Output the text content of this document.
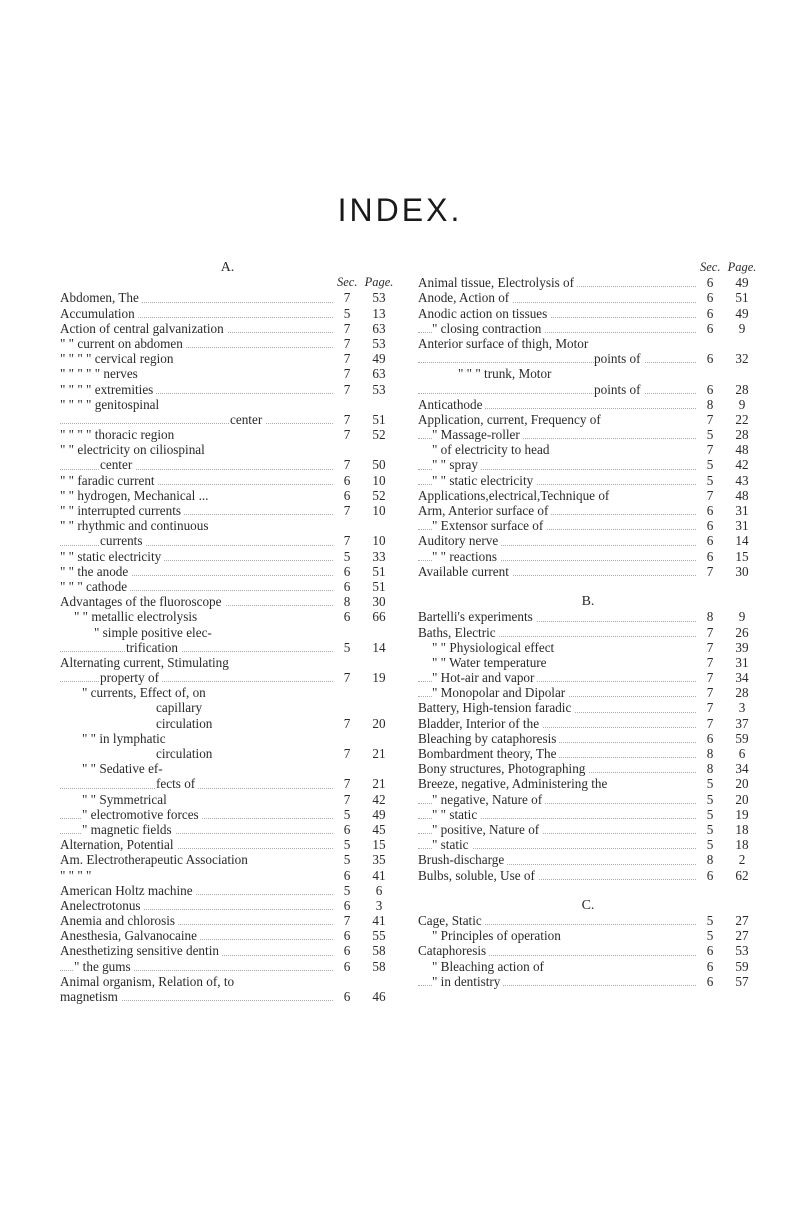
INDEX.
A.
Sec. Page.
Abdomen, The	7	53
Accumulation	5	13
Action of central galvanization	7	63
" " current on abdomen	7	53
" " " " cervical region	7	49
" " " " " nerves	7	63
" " " " extremities	7	53
" " " " genitospinal
center	7	51
" " " " thoracic region	7	52
" " electricity on ciliospinal
center	7	50
" " faradic current	6	10
" " hydrogen, Mechanical ...	6	52
" " interrupted currents	7	10
" " rhythmic and continuous
currents	7	10
" " static electricity	5	33
" " the anode	6	51
" " " cathode	6	51
Advantages of the fluoroscope	8	30
" " metallic electrolysis	6	66
" simple positive elec-
trification	5	14
Alternating current, Stimulating
property of	7	19
" currents, Effect of, on
capillary
circulation	7	20
" " in lymphatic
circulation	7	21
" " Sedative ef-
fects of	7	21
" " Symmetrical	7	42
" electromotive forces	5	49
" magnetic fields	6	45
Alternation, Potential	5	15
Am. Electrotherapeutic Association	5	35
" " " "	6	41
American Holtz machine	5	6
Anelectrotonus	6	3
Anemia and chlorosis	7	41
Anesthesia, Galvanocaine	6	55
Anesthetizing sensitive dentin	6	58
" the gums	6	58
Animal organism, Relation of, to
magnetism	6	46
Sec. Page.
Animal tissue, Electrolysis of	6	49
Anode, Action of	6	51
Anodic action on tissues	6	49
" closing contraction	6	9
Anterior surface of thigh, Motor
points of	6	32
" " " trunk, Motor
points of	6	28
Anticathode	8	9
Application, current, Frequency of	7	22
" Massage-roller	5	28
" of electricity to head	7	48
" " spray	5	42
" " static electricity	5	43
Applications,electrical,Technique of	7	48
Arm, Anterior surface of	6	31
" Extensor surface of	6	31
Auditory nerve	6	14
" " reactions	6	15
Available current	7	30
B.
Bartelli's experiments	8	9
Baths, Electric	7	26
" " Physiological effect	7	39
" " Water temperature	7	31
" Hot-air and vapor	7	34
" Monopolar and Dipolar	7	28
Battery, High-tension faradic	7	3
Bladder, Interior of the	7	37
Bleaching by cataphoresis	6	59
Bombardment theory, The	8	6
Bony structures, Photographing	8	34
Breeze, negative, Administering the	5	20
" negative, Nature of	5	20
" " static	5	19
" positive, Nature of	5	18
" static	5	18
Brush-discharge	8	2
Bulbs, soluble, Use of	6	62
C.
Cage, Static	5	27
" Principles of operation	5	27
Cataphoresis	6	53
" Bleaching action of	6	59
" in dentistry	6	57
